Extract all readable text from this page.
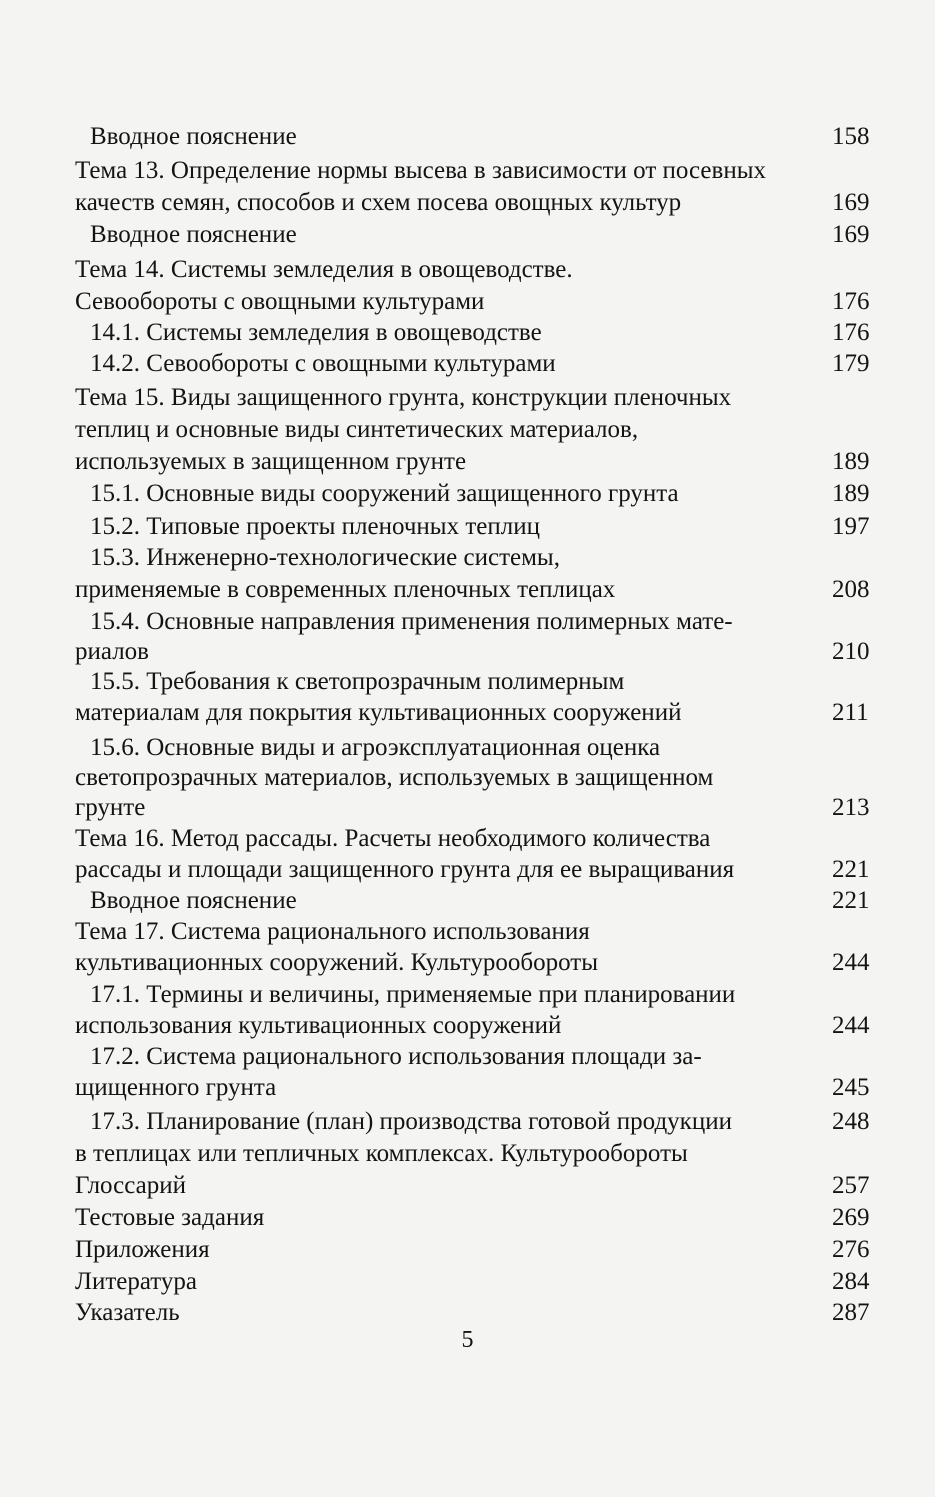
Вводное пояснение	158
Тема 13. Определение нормы высева в зависимости от посевных
качеств семян, способов и схем посева овощных культур	169
Вводное пояснение	169
Тема 14. Системы земледелия в овощеводстве.
Севообороты с овощными культурами	176
14.1. Системы земледелия в овощеводстве	176
14.2. Севообороты с овощными культурами	179
Тема 15. Виды защищенного грунта, конструкции пленочных
теплиц и основные виды синтетических материалов,
используемых в защищенном грунте	189
15.1. Основные виды сооружений защищенного грунта	189
15.2. Типовые проекты пленочных теплиц	197
15.3. Инженерно-технологические системы,
применяемые в современных пленочных теплицах	208
15.4. Основные направления применения полимерных мате-
риалов	210
15.5. Требования к светопрозрачным полимерным
материалам для покрытия культивационных сооружений	211
15.6. Основные виды и агроэксплуатационная оценка
светопрозрачных материалов, используемых в защищенном
грунте	213
Тема 16. Метод рассады. Расчеты необходимого количества
рассады и площади защищенного грунта для ее выращивания	221
Вводное пояснение	221
Тема 17. Система рационального использования
культивационных сооружений. Культурообороты	244
17.1. Термины и величины, применяемые при планировании
использования культивационных сооружений	244
17.2. Система рационального использования площади за-
щищенного грунта	245
17.3. Планирование (план) производства готовой продукции	248
в теплицах или тепличных комплексах. Культурообороты
Глоссарий	257
Тестовые задания	269
Приложения	276
Литература	284
Указатель	287
5
